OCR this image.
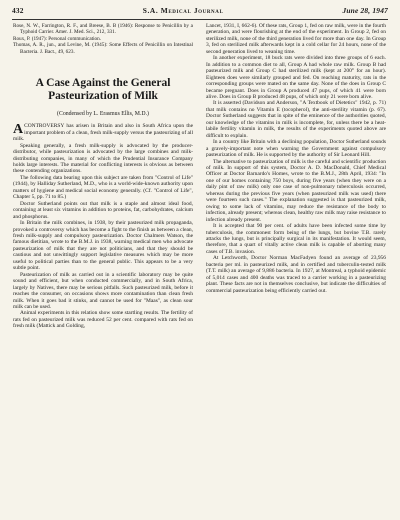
432	S.A. Medical Journal	June 28, 1947

Rose, N. W., Farrington, R. F., and Breese, B. B (1946): Response to Penicillin by a Typhoid Carrier. Amer. J. Med. Sci., 212, 331.

Roux, P. (1947): Personal communication.

Thomas, A. R., jun., and Levine, M. (1945): Some Effects of Penicillin on Intestinal Bacteria. J. Bact., 49, 623.

A Case Against the General Pasteurization of Milk
(Condensed by L. Erasmus Ellis, M.D.)

ACONTROVERSY has arisen in Britain and also in South Africa upon the important problem of a clean, fresh milk-supply versus the pasteurizing of all milk.

Speaking generally, a fresh milk-supply is advocated by the producer-distributor, while pasteurization is advocated by the large combines and milk-distributing companies, in many of which the Prudential Insurance Company holds large interests. The material for conflicting interests is obvious as between these contending organizations.

The following data bearing upon this subject are taken from "Control of Life" (1944), by Halliday Sutherland, M.D., who is a world-wide-known authority upon matters of hygiene and medical social economy generally. (Cf. "Control of Life", Chapter 5, pp. 71 to 85.)

Doctor Sutherland points out that milk is a staple and almost ideal food, containing at least six vitamins in addition to proteins, fat, carbohydrates, calcium and phosphorus.

In Britain the milk combines, in 1938, by their pasteurized milk propaganda, provoked a controversy which has become a fight to the finish as between a clean, fresh milk-supply and compulsory pasteurization. Doctor Chalmers Watson, the famous dietitian, wrote to the B.M.J. in 1938, warning medical men who advocate pasteurization of milk that they are not politicians, and that they should be cautious and not unwittingly support legislative measures which may be more useful to political parties than to the general public. This appears to be a very subtle point.

Pasteurization of milk as carried out in a scientific laboratory may be quite sound and efficient, but when conducted commercially, and in South Africa, largely by Natives, there may be serious pitfalls. Such pasteurized milk, before it reaches the consumer, on occasions shows more contamination than clean fresh milk. When it goes bad it stinks, and cannot be used for "Maas", as clean sour milk can be used.

Animal experiments in this relation show some startling results. The fertility of rats fed on pasteurized milk was reduced 52 per cent. compared with rats fed on fresh milk (Mattick and Golding,

Lancet, 1931, I, 662-6). Of these rats, Group 1, fed on raw milk, were in the fourth generation, and were flourishing at the end of the experiment. In Group 2, fed on sterilized milk, none of the third generation lived for more than one day. In Group 3, fed on sterilized milk afterwards kept in a cold cellar for 24 hours, none of the second generation lived to weaning time.

In another experiment, 18 buck rats were divided into three groups of 6 each. In addition to a common diet to all, Group A had whole raw milk. Group B had pasteurized milk and Group C had sterilized milk (kept at 200° for an hour). Eighteen does were similarly grouped and fed. On reaching maturity, rats in the corresponding groups were mated on the same day. None of the does in Group C became pregnant. Does in Group A produced 47 pups, of which 41 were born alive. Does in Group B produced 48 pups, of which only 21 were born alive.

It is asserted (Davidson and Anderson, "A Textbook of Dietetics" 1942, p. 71) that milk contains no Vitamin E (tocopherol), the anti-sterility vitamin (p. 67). Doctor Sutherland suggests that in spite of the eminence of the authorities quoted, our knowledge of the vitamins in milk is incomplete, for, unless there be a heat-labile fertility vitamin in milk, the results of the experiments quoted above are difficult to explain.

In a country like Britain with a declining population, Doctor Sutherland sounds a gravely-important note when warning the Government against compulsory pasteurization of milk. He is supported by the authority of Sir Leonard Hill.

The alternative to pasteurization of milk is the careful and scientific production of milk. In support of this system, Doctor A. D. MacDonald, Chief Medical Officer at Doctor Barnardo's Homes, wrote to the B.M.J., 28th April, 1934: "In one of our homes containing 750 boys, during five years (when they were on a daily pint of raw milk) only one case of non-pulmonary tuberculosis occurred, whereas during the previous five years (when pasteurized milk was used) there were fourteen such cases." The explanation suggested is that pasteurized milk, owing to some lack of vitamins, may reduce the resistance of the body to infection, already present; whereas clean, healthy raw milk may raise resistance to infection already present.

It is accepted that 90 per cent. of adults have been infected some time by tuberculosis, the commonest form being of the lungs, but bovine T.B. rarely attacks the lungs, but is principally surgical in its manifestation. It would seem, therefore, that a quart of vitally active clean milk is capable of aborting many cases of T.B. invasion.

At Letchworth, Doctor Norman MacFadyen found an average of 23,956 bacteria per ml. in pasteurized milk, and in certified and tuberculin-tested milk (T.T. milk) an average of 9,886 bacteria. In 1927, at Montreal, a typhoid epidemic of 5,014 cases and 400 deaths was traced to a carrier working in a pasteurizing plant. These facts are not in themselves conclusive, but indicate the difficulties of commercial pasteurization being efficiently carried out.
